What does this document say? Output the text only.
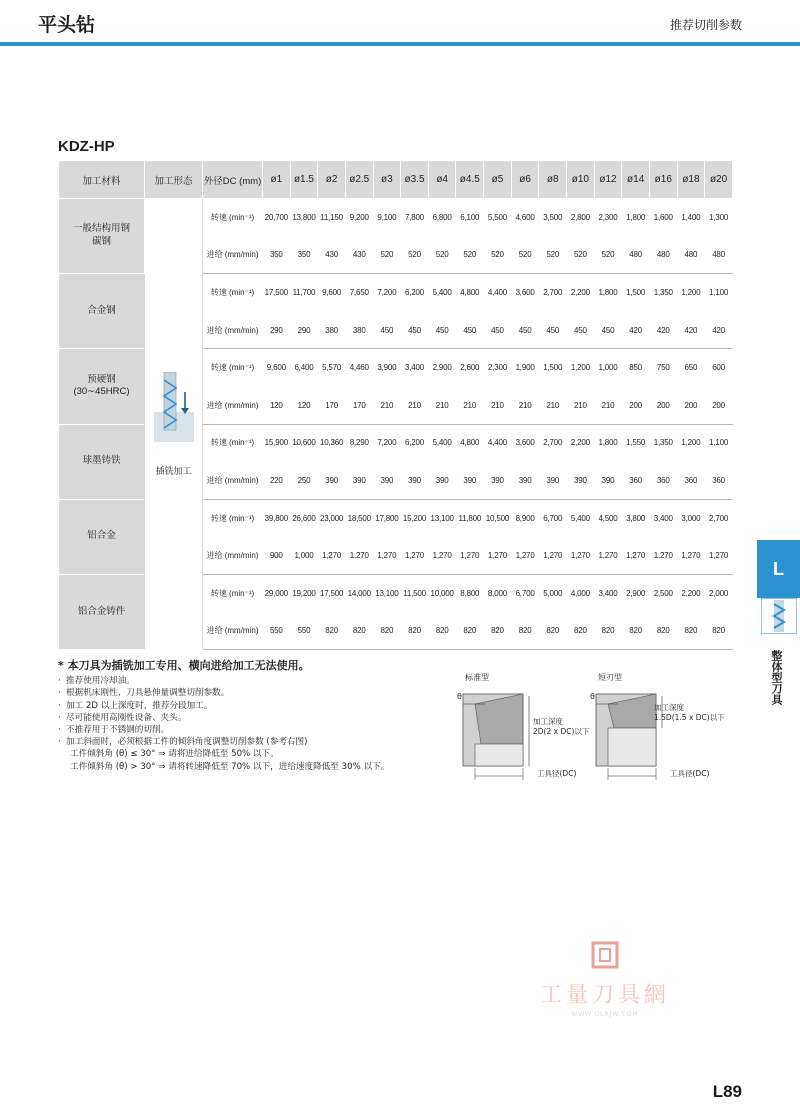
平头钻	推荐切削参数
KDZ-HP
加工材料	加工形态	外径DC (mm)	ø1	ø1.5	ø2	ø2.5	ø3	ø3.5	ø4	ø4.5	ø5	ø6	ø8	ø10	ø12	ø14	ø16	ø18	ø20
一般结构用钢
碳钢	插铣加工	转速 (min⁻¹)	20,700	13,800	11,150	9,200	9,100	7,800	6,800	6,100	5,500	4,600	3,500	2,800	2,300	1,800	1,600	1,400	1,300
		进给 (mm/min)	350	350	430	430	520	520	520	520	520	520	520	520	520	480	480	480	480
合金钢		转速 (min⁻¹)	17,500	11,700	9,600	7,650	7,200	6,200	5,400	4,800	4,400	3,600	2,700	2,200	1,800	1,500	1,350	1,200	1,100
		进给 (mm/min)	290	290	380	380	450	450	450	450	450	450	450	450	450	420	420	420	420
预硬钢
(30∼45HRC)		转速 (min⁻¹)	9,600	6,400	5,570	4,460	3,900	3,400	2,900	2,600	2,300	1,900	1,500	1,200	1,000	850	750	650	600
		进给 (mm/min)	120	120	170	170	210	210	210	210	210	210	210	210	210	200	200	200	200
球墨铸铁		转速 (min⁻¹)	15,900	10,600	10,360	8,290	7,200	6,200	5,400	4,800	4,400	3,600	2,700	2,200	1,800	1,550	1,350	1,200	1,100
		进给 (mm/min)	220	250	390	390	390	390	390	390	390	390	390	390	390	360	360	360	360
铝合金		转速 (min⁻¹)	39,800	26,600	23,000	18,500	17,800	15,200	13,100	11,800	10,500	8,900	6,700	5,400	4,500	3,800	3,400	3,000	2,700
		进给 (mm/min)	900	1,000	1,270	1,270	1,270	1,270	1,270	1,270	1,270	1,270	1,270	1,270	1,270	1,270	1,270	1,270	1,270
铝合金铸件		转速 (min⁻¹)	29,000	19,200	17,500	14,000	13,100	11,500	10,000	8,800	8,000	6,700	5,000	4,000	3,400	2,900	2,500	2,200	2,000
		进给 (mm/min)	550	550	820	820	820	820	820	820	820	820	820	820	820	820	820	820	820
* 本刀具为插铣加工专用、横向进给加工无法使用。
· 推荐使用冷却油。
· 根据机床刚性、刀具悬伸量调整切削参数。
· 加工 2D 以上深度时，推荐分段加工。
· 尽可能使用高刚性设备、夹头。
· 不推荐用于不锈钢的切削。
· 加工斜面时，必须根据工件的倾斜角度调整切削参数 (参考右图)
工件倾斜角 (θ) ≤ 30° ⇒ 请将进给降低至 50% 以下。
工件倾斜角 (θ) > 30° ⇒ 请将转速降低至 70% 以下，进给速度降低至 30% 以下。
标准型
θ
加工深度
2D(2 x DC)以下
工具径(DC)
短刃型
θ
加工深度
1.5D(1.5 x DC)以下
工具径(DC)
L
整体型刀具
工量刀具網
WWW.GLRJW.COM
L89
